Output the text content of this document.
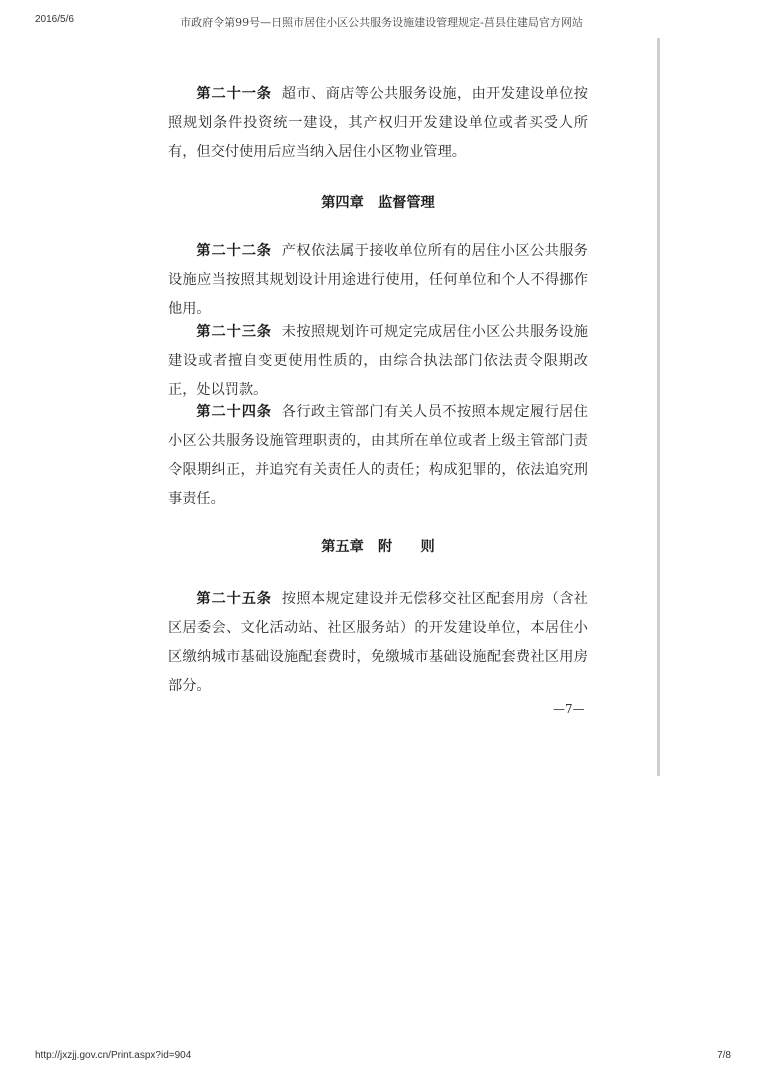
2016/5/6	市政府令第99号—日照市居住小区公共服务设施建设管理规定-莒县住建局官方网站

第二十一条 超市、商店等公共服务设施，由开发建设单位按照规划条件投资统一建设，其产权归开发建设单位或者买受人所有，但交付使用后应当纳入居住小区物业管理。

第四章　监督管理

第二十二条 产权依法属于接收单位所有的居住小区公共服务设施应当按照其规划设计用途进行使用，任何单位和个人不得挪作他用。

第二十三条 未按照规划许可规定完成居住小区公共服务设施建设或者擅自变更使用性质的，由综合执法部门依法责令限期改正，处以罚款。

第二十四条 各行政主管部门有关人员不按照本规定履行居住小区公共服务设施管理职责的，由其所在单位或者上级主管部门责令限期纠正，并追究有关责任人的责任；构成犯罪的，依法追究刑事责任。

第五章　附　　则

第二十五条 按照本规定建设并无偿移交社区配套用房（含社区居委会、文化活动站、社区服务站）的开发建设单位，本居住小区缴纳城市基础设施配套费时，免缴城市基础设施配套费社区用房部分。

—7—
http://jxzjj.gov.cn/Print.aspx?id=904	7/8
